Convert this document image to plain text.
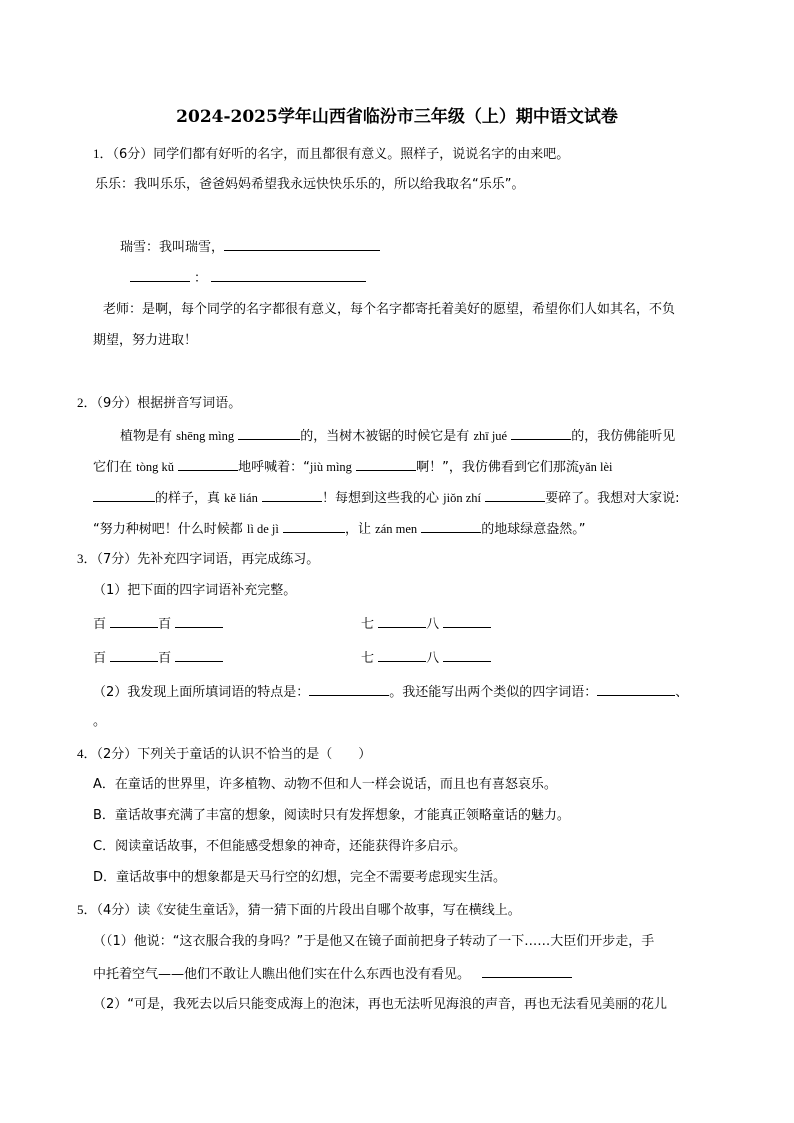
2024-2025学年山西省临汾市三年级（上）期中语文试卷
1．（6分）同学们都有好听的名字，而且都很有意义。照样子，说说名字的由来吧。
乐乐：我叫乐乐，爸爸妈妈希望我永远快快乐乐的，所以给我取名“乐乐”。
瑞雪：我叫瑞雪，
：
老师：是啊，每个同学的名字都很有意义，每个名字都寄托着美好的愿望，希望你们人如其名，不负
期望，努力进取！
2．（9分）根据拼音写词语。
植物是有 shēng mìng	的，当树木被锯的时候它是有 zhī jué	的，我仿佛能听见
它们在 tòng kǔ	地呼喊着：“jiù mìng	啊！”，我仿佛看到它们那流yǎn lèi
的样子，真 kě lián	！每想到这些我的心 jiǒn zhí	要碎了。我想对大家说:
“努力种树吧！什么时候都 lì de jì	，让 zán men	的地球绿意盎然。”
3．（7分）先补充四字词语，再完成练习。
（1）把下面的四字词语补充完整。
百	百	七	八
百	百	七	八
（2）我发现上面所填词语的特点是：	。我还能写出两个类似的四字词语：	、
。
4．（2分）下列关于童话的认识不恰当的是（　　）
A．在童话的世界里，许多植物、动物不但和人一样会说话，而且也有喜怒哀乐。
B．童话故事充满了丰富的想象，阅读时只有发挥想象，才能真正领略童话的魅力。
C．阅读童话故事，不但能感受想象的神奇，还能获得许多启示。
D．童话故事中的想象都是天马行空的幻想，完全不需要考虑现实生活。
5．（4分）读《安徒生童话》，猜一猜下面的片段出自哪个故事，写在横线上。
（（1）他说：“这衣服合我的身吗？”于是他又在镜子面前把身子转动了一下……大臣们开步走，手
中托着空气——他们不敢让人瞧出他们实在什么东西也没有看见。
（2）“可是，我死去以后只能变成海上的泡沫，再也无法听见海浪的声音，再也无法看见美丽的花儿
